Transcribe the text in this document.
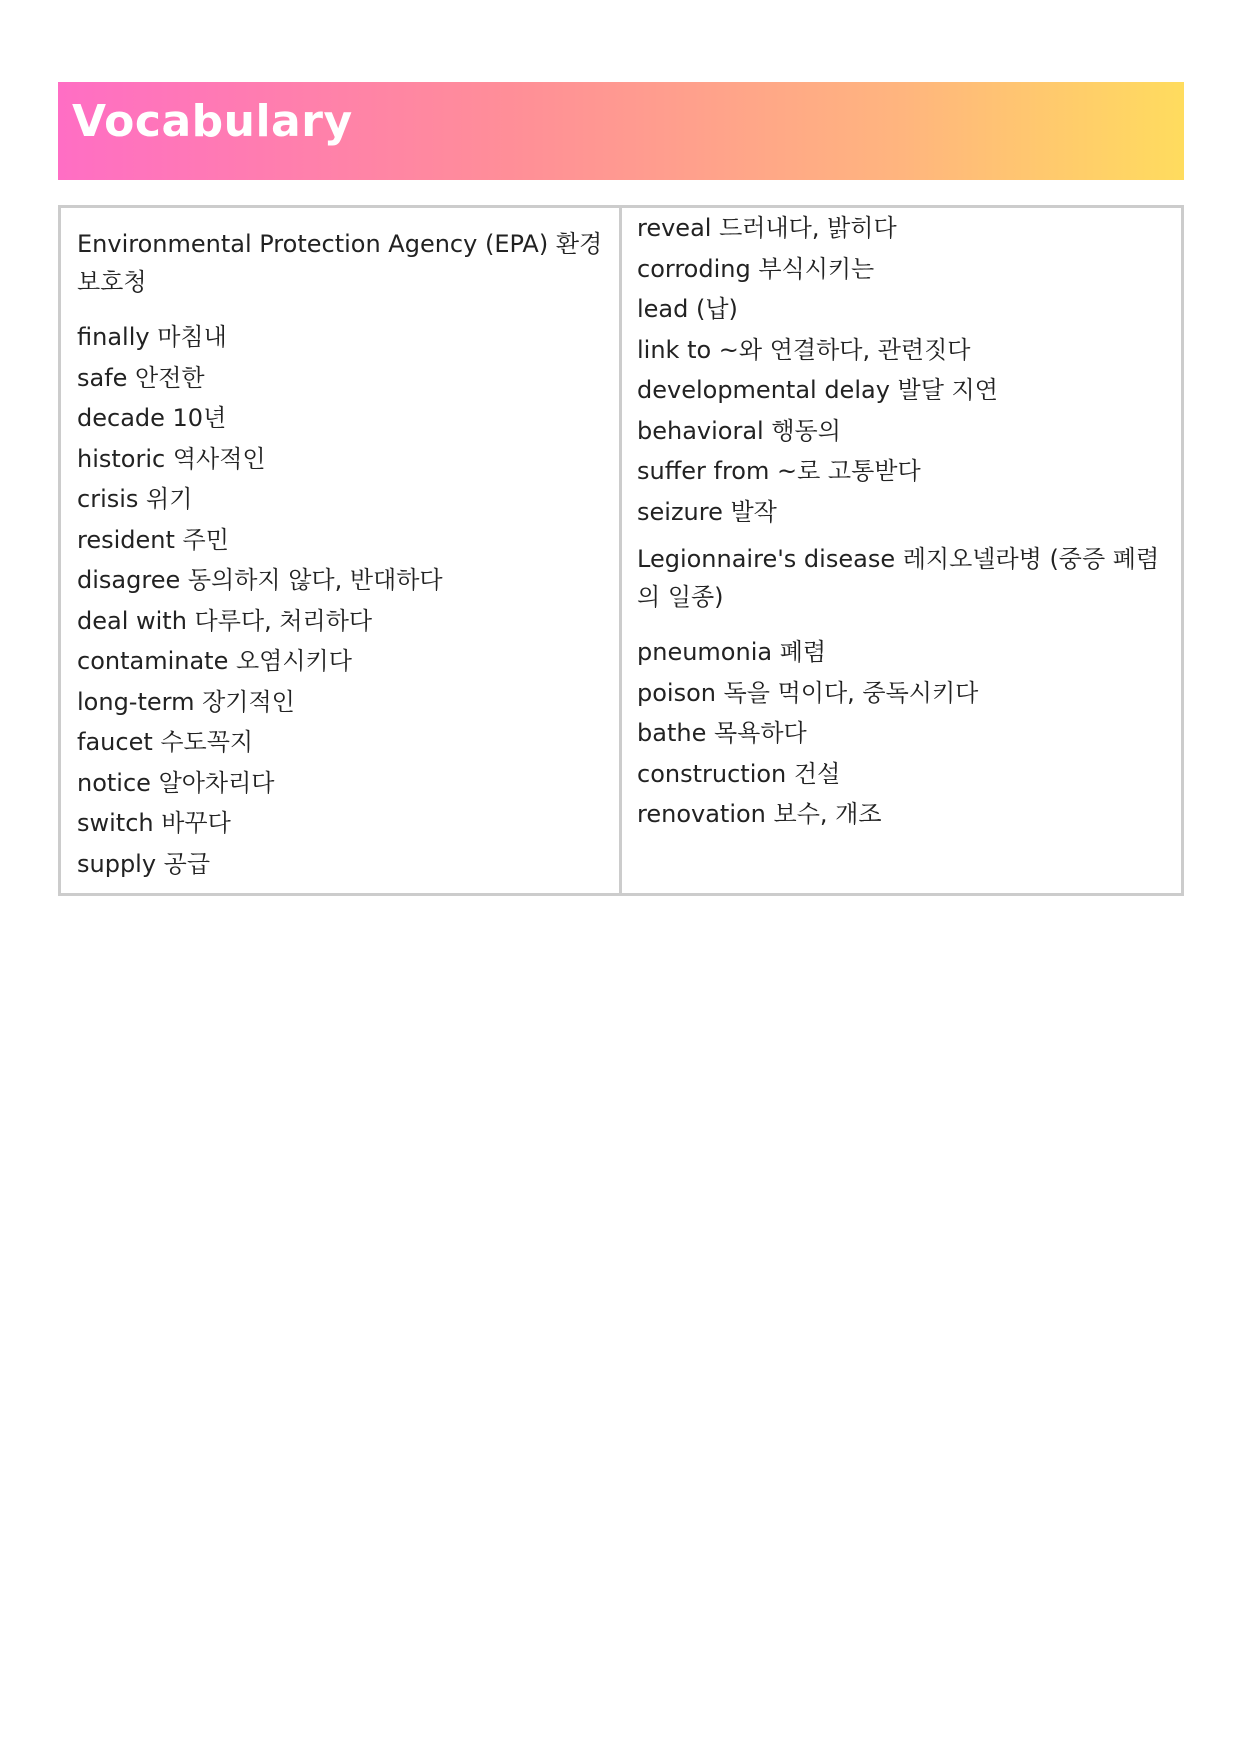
Vocabulary
Environmental Protection Agency (EPA) 환경보호청
finally 마침내
safe 안전한
decade 10년
historic 역사적인
crisis 위기
resident 주민
disagree 동의하지 않다, 반대하다
deal with 다루다, 처리하다
contaminate 오염시키다
long-term 장기적인
faucet 수도꼭지
notice 알아차리다
switch 바꾸다
supply 공급
reveal 드러내다, 밝히다
corroding 부식시키는
lead (납)
link to ~와 연결하다, 관련짓다
developmental delay 발달 지연
behavioral 행동의
suffer from ~로 고통받다
seizure 발작
Legionnaire's disease 레지오넬라병 (중증 폐렴의 일종)
pneumonia 폐렴
poison 독을 먹이다, 중독시키다
bathe 목욕하다
construction 건설
renovation 보수, 개조
